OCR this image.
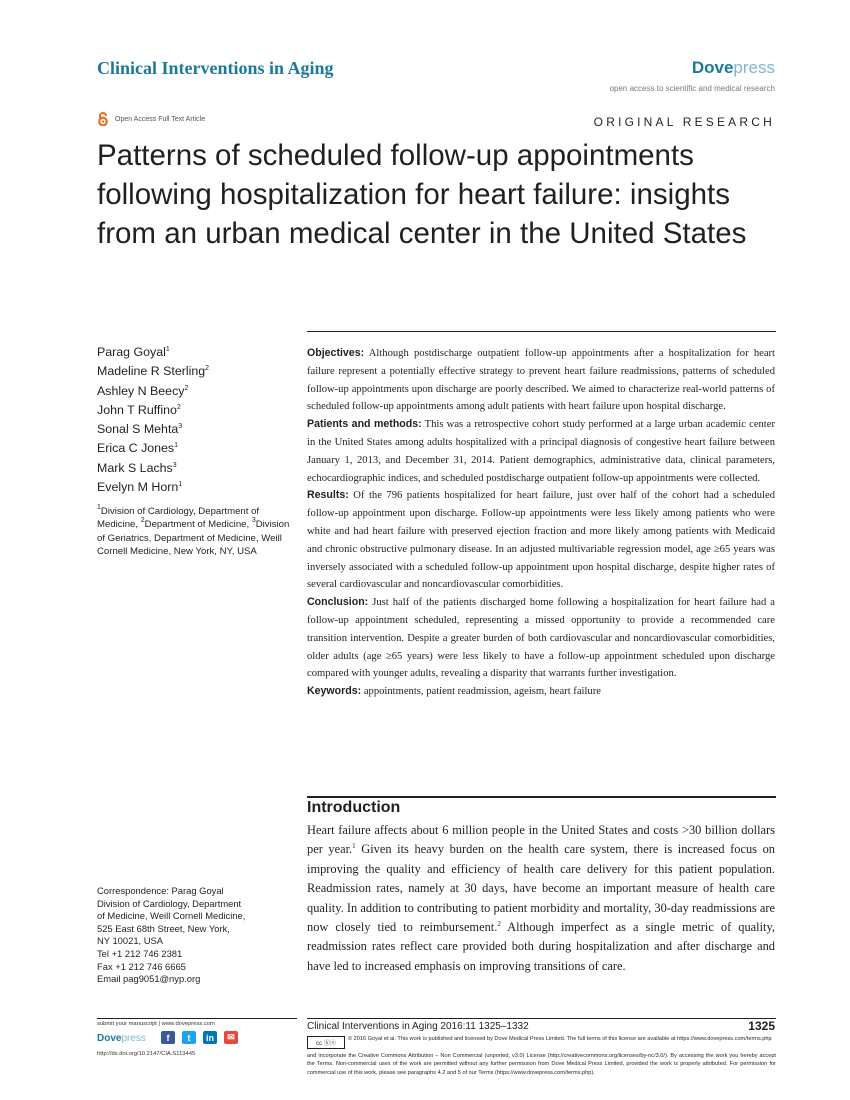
Clinical Interventions in Aging	Dovepress
open access to scientific and medical research
Open Access Full Text Article	ORIGINAL RESEARCH
Patterns of scheduled follow-up appointments following hospitalization for heart failure: insights from an urban medical center in the United States
Parag Goyal$^1$
Madeline R Sterling$^2$
Ashley N Beecy$^2$
John T Ruffino$^2$
Sonal S Mehta$^3$
Erica C Jones$^1$
Mark S Lachs$^3$
Evelyn M Horn$^1$
$^1$Division of Cardiology, Department of Medicine, $^2$Department of Medicine, $^3$Division of Geriatrics, Department of Medicine, Weill Cornell Medicine, New York, NY, USA

Objectives: Although postdischarge outpatient follow-up appointments after a hospitalization for heart failure represent a potentially effective strategy to prevent heart failure readmissions, patterns of scheduled follow-up appointments upon discharge are poorly described. We aimed to characterize real-world patterns of scheduled follow-up appointments among adult patients with heart failure upon hospital discharge.

Patients and methods: This was a retrospective cohort study performed at a large urban academic center in the United States among adults hospitalized with a principal diagnosis of congestive heart failure between January 1, 2013, and December 31, 2014. Patient demographics, administrative data, clinical parameters, echocardiographic indices, and scheduled postdischarge outpatient follow-up appointments were collected.

Results: Of the 796 patients hospitalized for heart failure, just over half of the cohort had a scheduled follow-up appointment upon discharge. Follow-up appointments were less likely among patients who were white and had heart failure with preserved ejection fraction and more likely among patients with Medicaid and chronic obstructive pulmonary disease. In an adjusted multivariable regression model, age ≥65 years was inversely associated with a scheduled follow-up appointment upon hospital discharge, despite higher rates of several cardiovascular and noncardiovascular comorbidities.

Conclusion: Just half of the patients discharged home following a hospitalization for heart failure had a follow-up appointment scheduled, representing a missed opportunity to provide a recommended care transition intervention. Despite a greater burden of both cardiovascular and noncardiovascular comorbidities, older adults (age ≥65 years) were less likely to have a follow-up appointment scheduled upon discharge compared with younger adults, revealing a disparity that warrants further investigation.

Keywords: appointments, patient readmission, ageism, heart failure

Introduction
Heart failure affects about 6 million people in the United States and costs >30 billion dollars per year.$^1$ Given its heavy burden on the health care system, there is increased focus on improving the quality and efficiency of health care delivery for this patient population. Readmission rates, namely at 30 days, have become an important measure of health care quality. In addition to contributing to patient morbidity and mortality, 30-day readmissions are now closely tied to reimbursement.$^2$ Although imperfect as a single metric of quality, readmission rates reflect care provided both during hospitalization and after discharge and have led to increased emphasis on improving transitions of care.
Correspondence: Parag Goyal
Division of Cardiology, Department
of Medicine, Weill Cornell Medicine,
525 East 68th Street, New York,
NY 10021, USA
Tel +1 212 746 2381
Fax +1 212 746 6665
Email pag9051@nyp.org
submit your manuscript | www.dovepress.com
Dovepress	f	t	in	✉
http://dx.doi.org/10.2147/CIA.S113445
Clinical Interventions in Aging 2016:11 1325–1332	1325
cc ⓑⓝ
© 2016 Goyal et al. This work is published and licensed by Dove Medical Press Limited. The full terms of this license are available at https://www.dovepress.com/terms.php
and incorporate the Creative Commons Attribution – Non Commercial (unported, v3.0) License (http://creativecommons.org/licenses/by-nc/3.0/). By accessing the work you hereby accept the Terms. Non-commercial uses of the work are permitted without any further permission from Dove Medical Press Limited, provided the work is properly attributed. For permission for commercial use of this work, please see paragraphs 4.2 and 5 of our Terms (https://www.dovepress.com/terms.php).
